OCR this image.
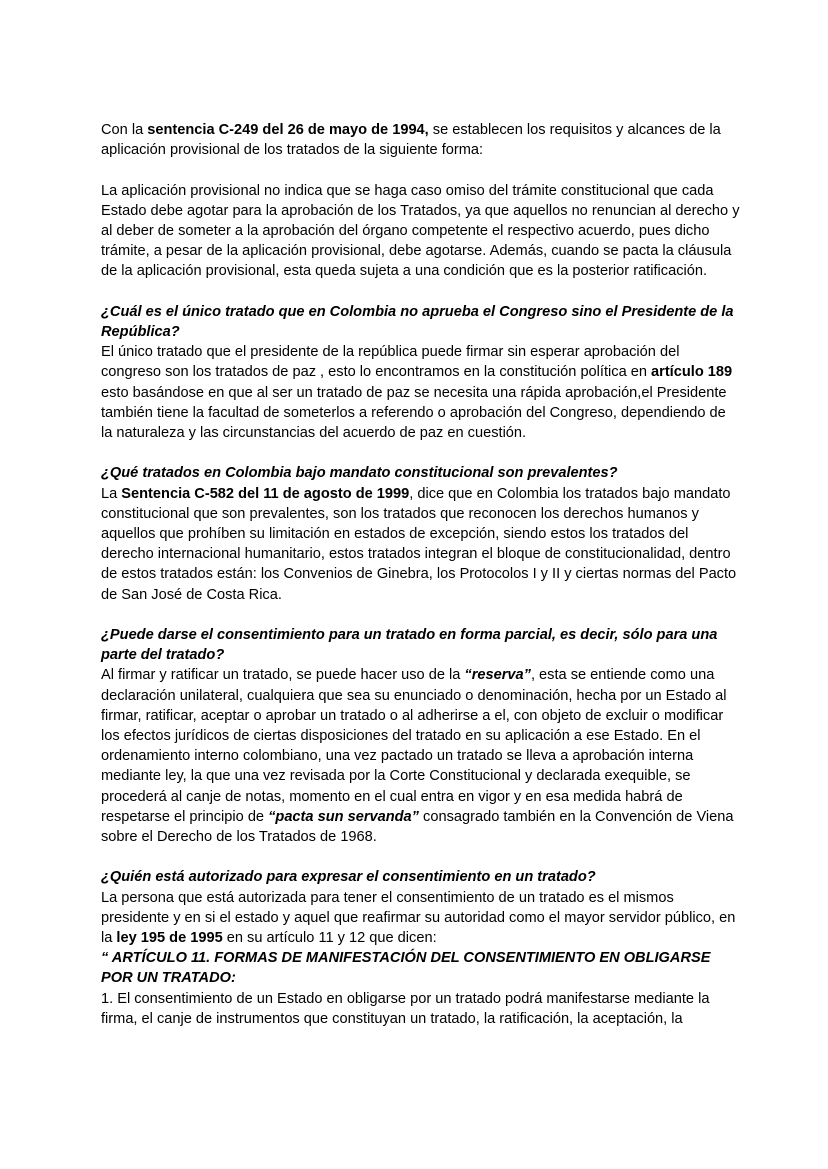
Con la sentencia C-249 del 26 de mayo de 1994, se establecen los requisitos y alcances de la aplicación provisional de los tratados de la siguiente forma:

La aplicación provisional no indica que se haga caso omiso del trámite constitucional que cada Estado debe agotar para la aprobación de los Tratados, ya que aquellos no renuncian al derecho y al deber de someter a la aprobación del órgano competente el respectivo acuerdo, pues dicho trámite, a pesar de la aplicación provisional, debe agotarse. Además, cuando se pacta la cláusula de la aplicación provisional, esta queda sujeta a una condición que es la posterior ratificación.

¿Cuál es el único tratado que en Colombia no aprueba el Congreso sino el Presidente de la República?

El único tratado que el presidente de la república puede firmar sin esperar aprobación del congreso son los tratados de paz , esto lo encontramos en la constitución política en artículo 189 esto basándose en que al ser un tratado de paz se necesita una rápida aprobación,el Presidente también tiene la facultad de someterlos a referendo o aprobación del Congreso, dependiendo de la naturaleza y las circunstancias del acuerdo de paz en cuestión.

¿Qué tratados en Colombia bajo mandato constitucional son prevalentes?

La Sentencia C-582 del 11 de agosto de 1999, dice que en Colombia los tratados bajo mandato constitucional que son prevalentes, son los tratados que reconocen los derechos humanos y aquellos que prohíben su limitación en estados de excepción, siendo estos los tratados del derecho internacional humanitario, estos tratados integran el bloque de constitucionalidad, dentro de estos tratados están: los Convenios de Ginebra, los Protocolos I y II y ciertas normas del Pacto de San José de Costa Rica.

¿Puede darse el consentimiento para un tratado en forma parcial, es decir, sólo para una parte del tratado?

Al firmar y ratificar un tratado, se puede hacer uso de la “reserva”, esta se entiende como una declaración unilateral, cualquiera que sea su enunciado o denominación, hecha por un Estado al firmar, ratificar, aceptar o aprobar un tratado o al adherirse a el, con objeto de excluir o modificar los efectos jurídicos de ciertas disposiciones del tratado en su aplicación a ese Estado. En el ordenamiento interno colombiano, una vez pactado un tratado se lleva a aprobación interna mediante ley, la que una vez revisada por la Corte Constitucional y declarada exequible, se procederá al canje de notas, momento en el cual entra en vigor y en esa medida habrá de respetarse el principio de “pacta sun servanda” consagrado también en la Convención de Viena sobre el Derecho de los Tratados de 1968.

¿Quién está autorizado para expresar el consentimiento en un tratado?

La persona que está autorizada para tener el consentimiento de un tratado es el mismos presidente y en si el estado y aquel que reafirmar su autoridad como el mayor servidor público, en la ley 195 de 1995 en su artículo 11 y 12 que dicen:

“ ARTÍCULO 11. FORMAS DE MANIFESTACIÓN DEL CONSENTIMIENTO EN OBLIGARSE POR UN TRATADO:

1. El consentimiento de un Estado en obligarse por un tratado podrá manifestarse mediante la firma, el canje de instrumentos que constituyan un tratado, la ratificación, la aceptación, la
